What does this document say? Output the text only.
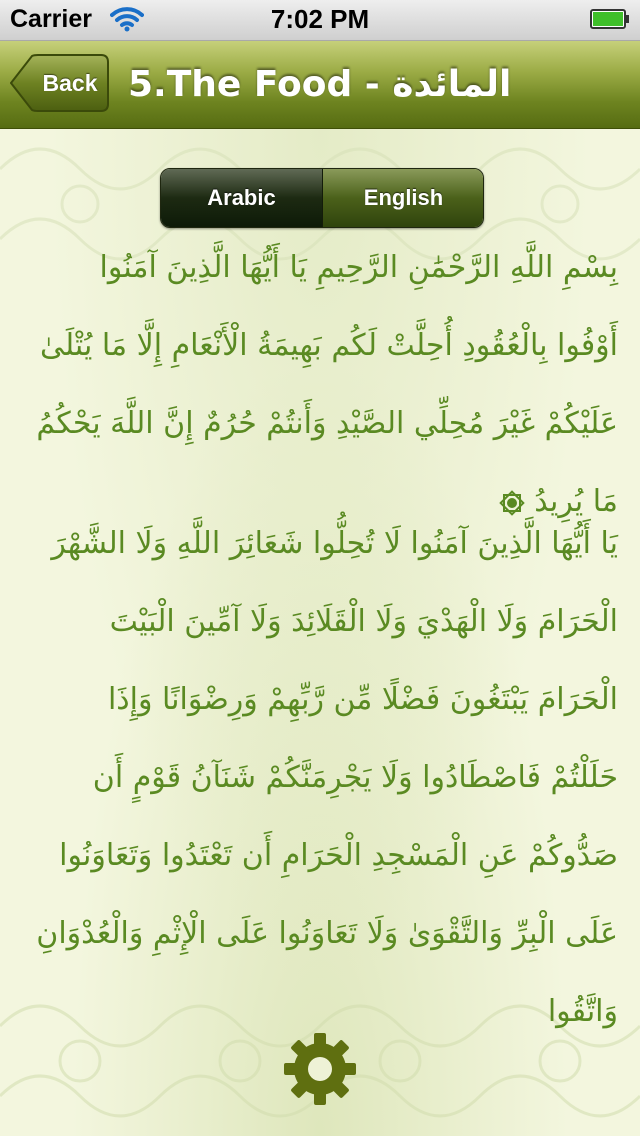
Carrier	7:02 PM
Back 5.The Food - المائدة
Arabic	English

بِسْمِ اللَّهِ الرَّحْمَٰنِ الرَّحِيمِ يَا أَيُّهَا الَّذِينَ آمَنُوا أَوْفُوا بِالْعُقُودِ أُحِلَّتْ لَكُم بَهِيمَةُ الْأَنْعَامِ إِلَّا مَا يُتْلَىٰ عَلَيْكُمْ غَيْرَ مُحِلِّي الصَّيْدِ وَأَنتُمْ حُرُمٌ إِنَّ اللَّهَ يَحْكُمُ مَا يُرِيدُ

يَا أَيُّهَا الَّذِينَ آمَنُوا لَا تُحِلُّوا شَعَائِرَ اللَّهِ وَلَا الشَّهْرَ الْحَرَامَ وَلَا الْهَدْيَ وَلَا الْقَلَائِدَ وَلَا آمِّينَ الْبَيْتَ الْحَرَامَ يَبْتَغُونَ فَضْلًا مِّن رَّبِّهِمْ وَرِضْوَانًا وَإِذَا حَلَلْتُمْ فَاصْطَادُوا وَلَا يَجْرِمَنَّكُمْ شَنَآنُ قَوْمٍ أَن صَدُّوكُمْ عَنِ الْمَسْجِدِ الْحَرَامِ أَن تَعْتَدُوا وَتَعَاوَنُوا عَلَى الْبِرِّ وَالتَّقْوَىٰ وَلَا تَعَاوَنُوا عَلَى الْإِثْمِ وَالْعُدْوَانِ وَاتَّقُوا
